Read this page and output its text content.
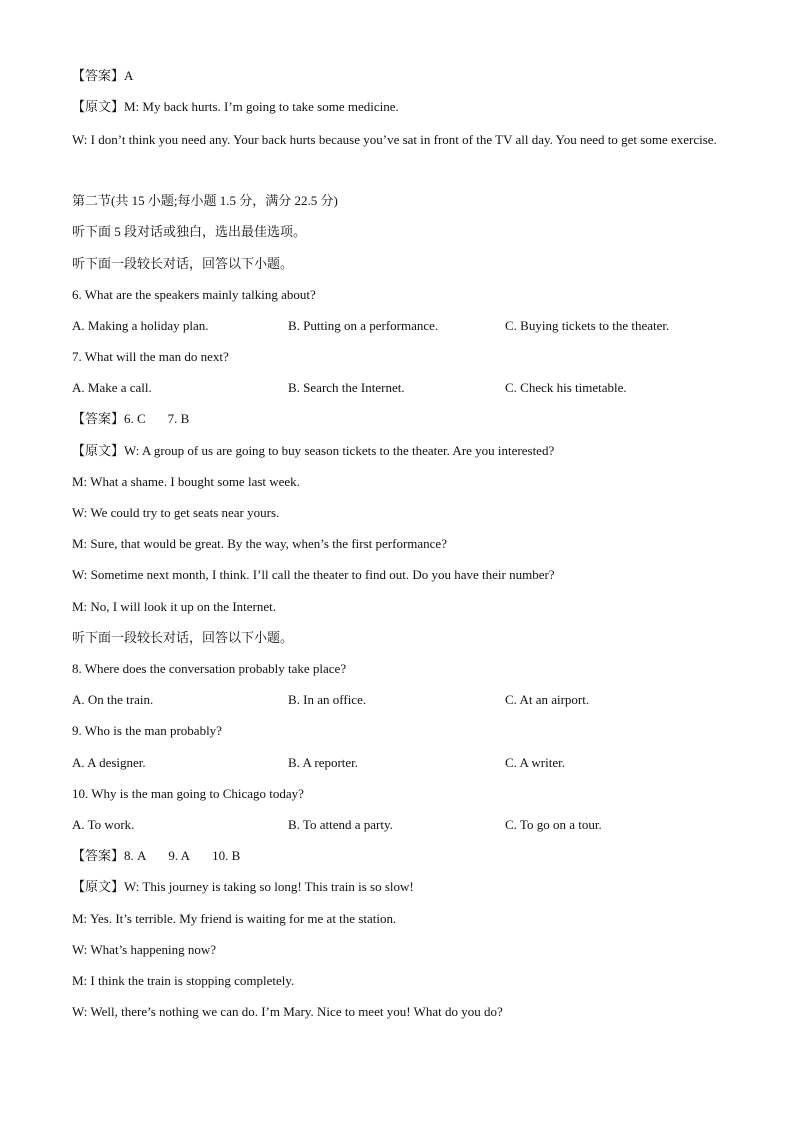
【答案】A
【原文】M: My back hurts. I’m going to take some medicine.
W: I don’t think you need any. Your back hurts because you’ve sat in front of the TV all day. You need to get some exercise.
第二节(共 15 小题;每小题 1.5 分，满分 22.5 分)
听下面 5 段对话或独白，选出最佳选项。
听下面一段较长对话，回答以下小题。
6. What are the speakers mainly talking about?
A. Making a holiday plan.	B. Putting on a performance.	C. Buying tickets to the theater.
7. What will the man do next?
A. Make a call.	B. Search the Internet.	C. Check his timetable.
【答案】6. C 7. B
【原文】W: A group of us are going to buy season tickets to the theater. Are you interested?
M: What a shame. I bought some last week.
W: We could try to get seats near yours.
M: Sure, that would be great. By the way, when’s the first performance?
W: Sometime next month, I think. I’ll call the theater to find out. Do you have their number?
M: No, I will look it up on the Internet.
听下面一段较长对话，回答以下小题。
8. Where does the conversation probably take place?
A. On the train.	B. In an office.	C. At an airport.
9. Who is the man probably?
A. A designer.	B. A reporter.	C. A writer.
10. Why is the man going to Chicago today?
A. To work.	B. To attend a party.	C. To go on a tour.
【答案】8. A 9. A 10. B
【原文】W: This journey is taking so long! This train is so slow!
M: Yes. It’s terrible. My friend is waiting for me at the station.
W: What’s happening now?
M: I think the train is stopping completely.
W: Well, there’s nothing we can do. I’m Mary. Nice to meet you! What do you do?
